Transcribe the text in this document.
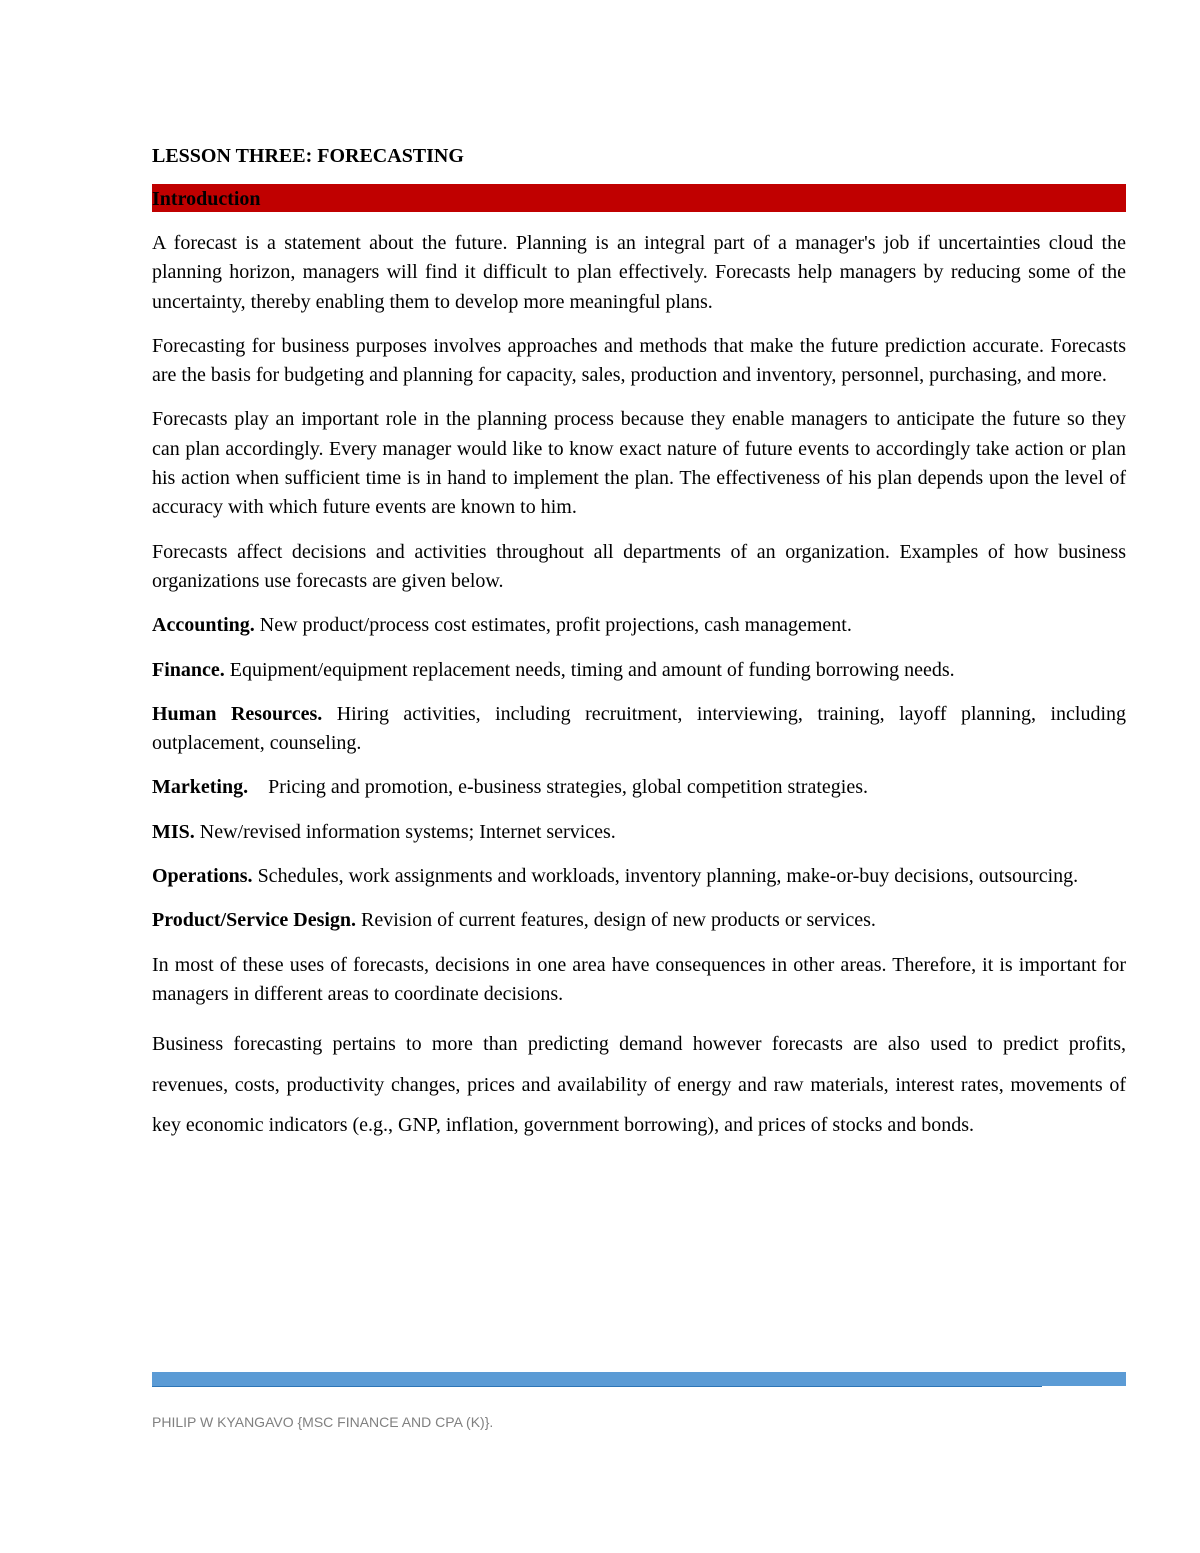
LESSON THREE: FORECASTING
Introduction

A forecast is a statement about the future. Planning is an integral part of a manager's job if uncertainties cloud the planning horizon, managers will find it difficult to plan effectively. Forecasts help managers by reducing some of the uncertainty, thereby enabling them to develop more meaningful plans.

Forecasting for business purposes involves approaches and methods that make the future prediction accurate. Forecasts are the basis for budgeting and planning for capacity, sales, production and inventory, personnel, purchasing, and more.

Forecasts play an important role in the planning process because they enable managers to anticipate the future so they can plan accordingly. Every manager would like to know exact nature of future events to accordingly take action or plan his action when sufficient time is in hand to implement the plan. The effectiveness of his plan depends upon the level of accuracy with which future events are known to him.

Forecasts affect decisions and activities throughout all departments of an organization. Examples of how business organizations use forecasts are given below.

Accounting. New product/process cost estimates, profit projections, cash management.

Finance. Equipment/equipment replacement needs, timing and amount of funding borrowing needs.

Human Resources. Hiring activities, including recruitment, interviewing, training, layoff planning, including outplacement, counseling.

Marketing.    Pricing and promotion, e-business strategies, global competition strategies.

MIS. New/revised information systems; Internet services.

Operations. Schedules, work assignments and workloads, inventory planning, make-or-buy decisions, outsourcing.

Product/Service Design. Revision of current features, design of new products or services.

In most of these uses of forecasts, decisions in one area have consequences in other areas. Therefore, it is important for managers in different areas to coordinate decisions.

Business forecasting pertains to more than predicting demand however forecasts are also used to predict profits, revenues, costs, productivity changes, prices and availability of energy and raw materials, interest rates, movements of key economic indicators (e.g., GNP, inflation, government borrowing), and prices of stocks and bonds.

PHILIP W KYANGAVO {MSC FINANCE AND CPA (K)}.
